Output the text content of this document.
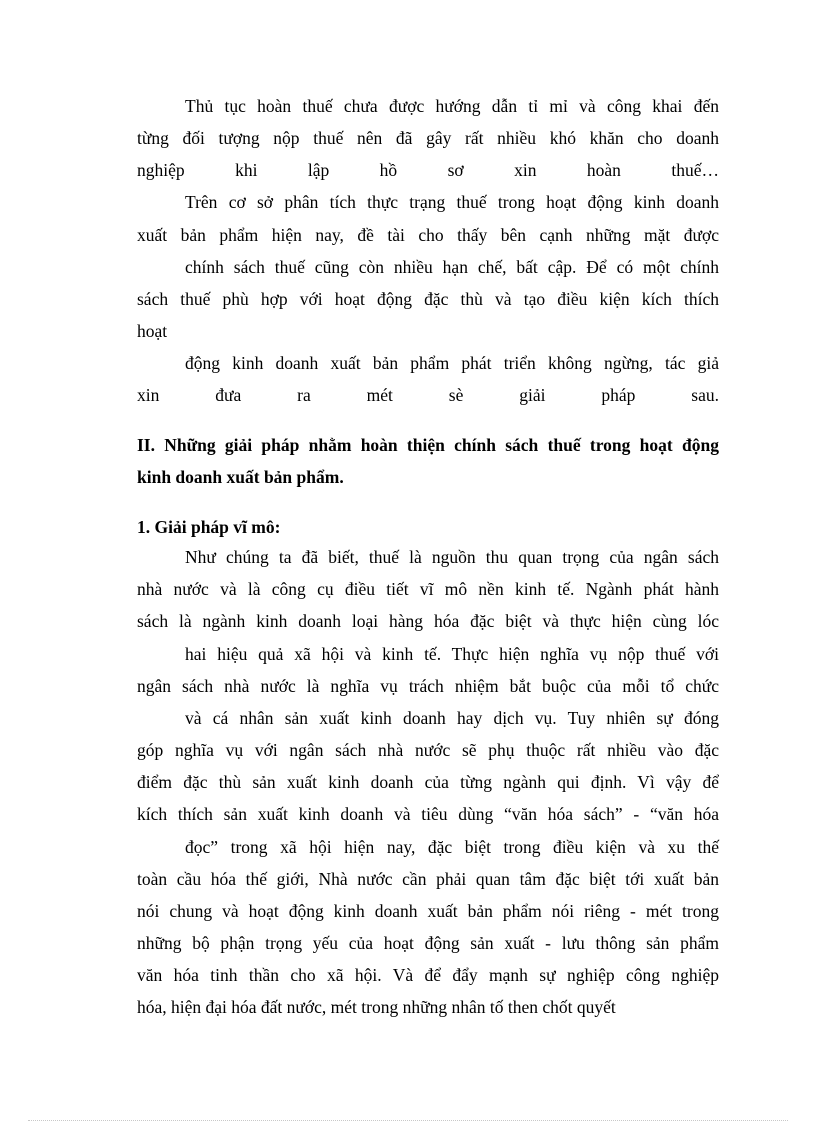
Thủ tục hoàn thuế chưa được hướng dẫn tỉ mỉ và công khai đến

từng đối tượng nộp thuế nên đã gây rất nhiều khó khăn cho doanh

nghiệp khi lập hồ sơ xin hoàn thuế…

Trên cơ sở phân tích thực trạng thuế trong hoạt động kinh doanh

xuất bản phẩm hiện nay, đề tài cho thấy bên cạnh những mặt được

chính sách thuế cũng còn nhiều hạn chế, bất cập. Để có một chính

sách thuế phù hợp với hoạt động đặc thù và tạo điều kiện kích thích

hoạt

động kinh doanh xuất bản phẩm phát triển không ngừng, tác giả

xin đưa ra mét sè giải pháp sau.

II. Những giải pháp nhằm hoàn thiện chính sách thuế trong hoạt động

kinh doanh xuất bản phẩm.

1. Giải pháp vĩ mô:

Như chúng ta đã biết, thuế là nguồn thu quan trọng của ngân sách

nhà nước và là công cụ điều tiết vĩ mô nền kinh tế. Ngành phát hành

sách là ngành kinh doanh loại hàng hóa đặc biệt và thực hiện cùng lóc

hai hiệu quả xã hội và kinh tế. Thực hiện nghĩa vụ nộp thuế với

ngân sách nhà nước là nghĩa vụ trách nhiệm bắt buộc của mỗi tổ chức

và cá nhân sản xuất kinh doanh hay dịch vụ. Tuy nhiên sự đóng

góp nghĩa vụ với ngân sách nhà nước sẽ phụ thuộc rất nhiều vào đặc

điểm đặc thù sản xuất kinh doanh của từng ngành qui định. Vì vậy để

kích thích sản xuất kinh doanh và tiêu dùng “văn hóa sách” - “văn hóa

đọc” trong xã hội hiện nay, đặc biệt trong điều kiện và xu thế

toàn cầu hóa thế giới, Nhà nước cần phải quan tâm đặc biệt tới xuất bản

nói chung và hoạt động kinh doanh xuất bản phẩm nói riêng - mét trong

những bộ phận trọng yếu của hoạt động sản xuất - lưu thông sản phẩm

văn hóa tinh thần cho xã hội. Và để đẩy mạnh sự nghiệp công nghiệp

hóa, hiện đại hóa đất nước, mét trong những nhân tố then chốt quyết
